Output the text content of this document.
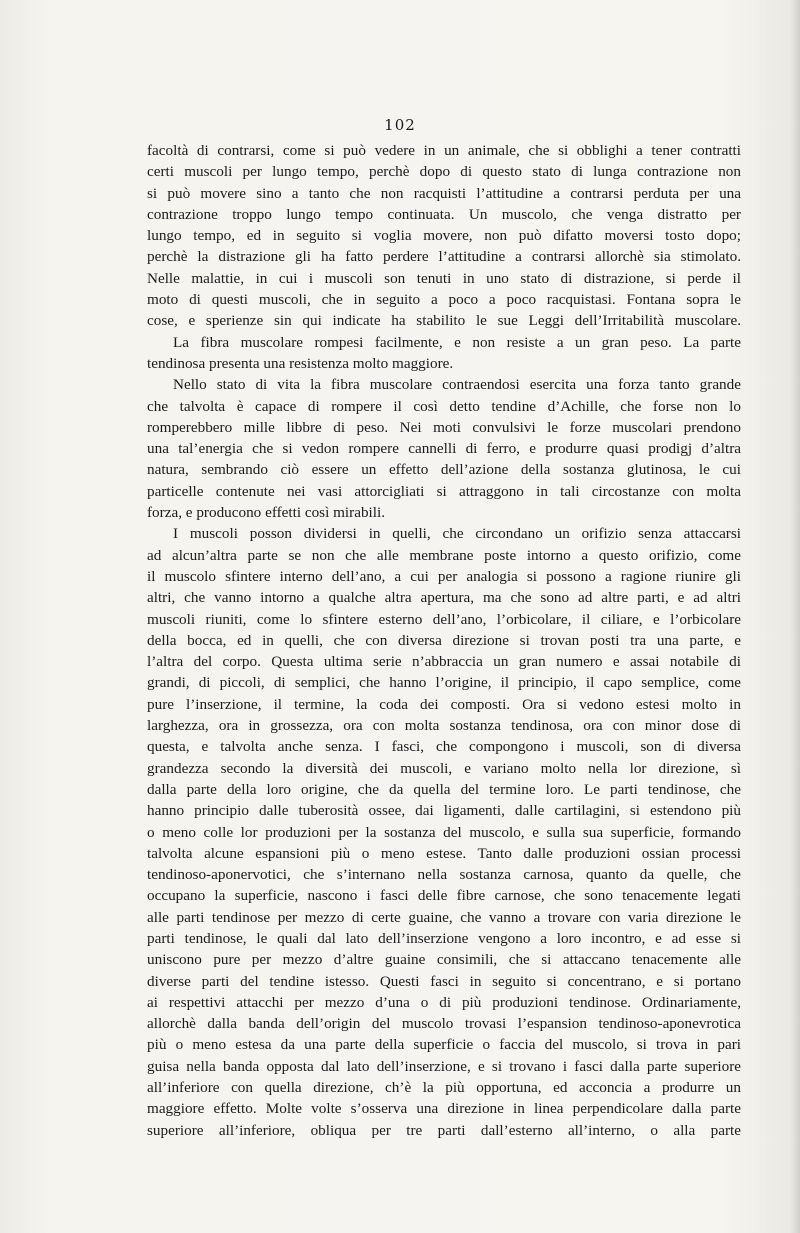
102
facoltà di contrarsi, come si può vedere in un animale, che si obblighi a tener contratti
certi muscoli per lungo tempo, perchè dopo di questo stato di lunga contrazione non
si può movere sino a tanto che non racquisti l’attitudine a contrarsi perduta per una
contrazione troppo lungo tempo continuata. Un muscolo, che venga distratto per
lungo tempo, ed in seguito si voglia movere, non può difatto moversi tosto dopo;
perchè la distrazione gli ha fatto perdere l’attitudine a contrarsi allorchè sia stimolato.
Nelle malattie, in cui i muscoli son tenuti in uno stato di distrazione, si perde il
moto di questi muscoli, che in seguito a poco a poco racquistasi. Fontana sopra le
cose, e sperienze sin qui indicate ha stabilito le sue Leggi dell’Irritabilità muscolare.
La fibra muscolare rompesi facilmente, e non resiste a un gran peso. La parte
tendinosa presenta una resistenza molto maggiore.
Nello stato di vita la fibra muscolare contraendosi esercita una forza tanto grande
che talvolta è capace di rompere il così detto tendine d’Achille, che forse non lo
romperebbero mille libbre di peso. Nei moti convulsivi le forze muscolari prendono
una tal’energia che si vedon rompere cannelli di ferro, e produrre quasi prodigj d’altra
natura, sembrando ciò essere un effetto dell’azione della sostanza glutinosa, le cui
particelle contenute nei vasi attorcigliati si attraggono in tali circostanze con molta
forza, e producono effetti così mirabili.
I muscoli posson dividersi in quelli, che circondano un orifizio senza attaccarsi
ad alcun’altra parte se non che alle membrane poste intorno a questo orifizio, come
il muscolo sfintere interno dell’ano, a cui per analogia si possono a ragione riunire gli
altri, che vanno intorno a qualche altra apertura, ma che sono ad altre parti, e ad altri
muscoli riuniti, come lo sfintere esterno dell’ano, l’orbicolare, il ciliare, e l’orbicolare
della bocca, ed in quelli, che con diversa direzione si trovan posti tra una parte, e
l’altra del corpo. Questa ultima serie n’abbraccia un gran numero e assai notabile di
grandi, di piccoli, di semplici, che hanno l’origine, il principio, il capo semplice, come
pure l’inserzione, il termine, la coda dei composti. Ora si vedono estesi molto in
larghezza, ora in grossezza, ora con molta sostanza tendinosa, ora con minor dose di
questa, e talvolta anche senza. I fasci, che compongono i muscoli, son di diversa
grandezza secondo la diversità dei muscoli, e variano molto nella lor direzione, sì
dalla parte della loro origine, che da quella del termine loro. Le parti tendinose, che
hanno principio dalle tuberosità ossee, dai ligamenti, dalle cartilagini, si estendono più
o meno colle lor produzioni per la sostanza del muscolo, e sulla sua superficie, formando
talvolta alcune espansioni più o meno estese. Tanto dalle produzioni ossian processi
tendinoso-aponervotici, che s’internano nella sostanza carnosa, quanto da quelle, che
occupano la superficie, nascono i fasci delle fibre carnose, che sono tenacemente legati
alle parti tendinose per mezzo di certe guaine, che vanno a trovare con varia direzione le
parti tendinose, le quali dal lato dell’inserzione vengono a loro incontro, e ad esse si
uniscono pure per mezzo d’altre guaine consimili, che si attaccano tenacemente alle
diverse parti del tendine istesso. Questi fasci in seguito si concentrano, e si portano
ai respettivi attacchi per mezzo d’una o di più produzioni tendinose. Ordinariamente,
allorchè dalla banda dell’origin del muscolo trovasi l’espansion tendinoso-aponevrotica
più o meno estesa da una parte della superficie o faccia del muscolo, si trova in pari
guisa nella banda opposta dal lato dell’inserzione, e si trovano i fasci dalla parte superiore
all’inferiore con quella direzione, ch’è la più opportuna, ed acconcia a produrre un
maggiore effetto. Molte volte s’osserva una direzione in linea perpendicolare dalla parte
superiore all’inferiore, obliqua per tre parti dall’esterno all’interno, o alla parte
